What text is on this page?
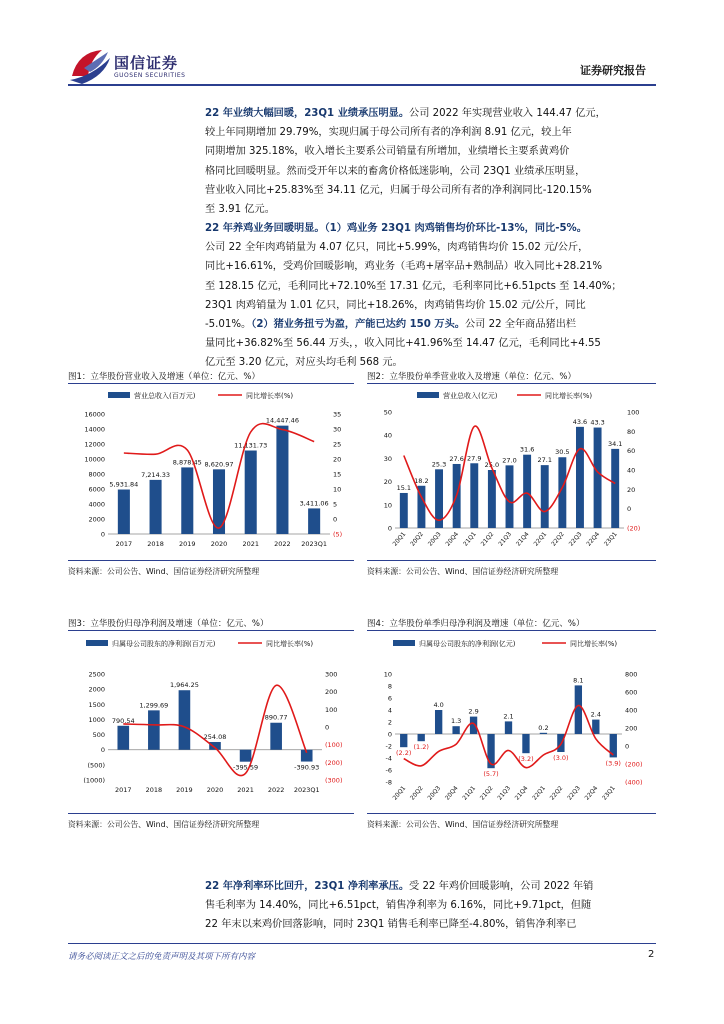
国信证券
GUOSEN SECURITIES	证券研究报告
22 年业绩大幅回暖，23Q1 业绩承压明显。公司 2022 年实现营业收入 144.47 亿元，
较上年同期增加 29.79%，实现归属于母公司所有者的净利润 8.91 亿元，较上年
同期增加 325.18%，收入增长主要系公司销量有所增加，业绩增长主要系黄鸡价
格同比回暖明显。然而受开年以来的畜禽价格低迷影响，公司 23Q1 业绩承压明显，
营业收入同比+25.83%至 34.11 亿元，归属于母公司所有者的净利润同比-120.15%
至 3.91 亿元。
22 年养鸡业务回暖明显。（1）鸡业务 23Q1 肉鸡销售均价环比-13%，同比-5%。
公司 22 全年肉鸡销量为 4.07 亿只，同比+5.99%，肉鸡销售均价 15.02 元/公斤，
同比+16.61%，受鸡价回暖影响，鸡业务（毛鸡+屠宰品+熟制品）收入同比+28.21%
至 128.15 亿元，毛利同比+72.10%至 17.31 亿元，毛利率同比+6.51pcts 至 14.40%；
23Q1 肉鸡销量为 1.01 亿只，同比+18.26%，肉鸡销售均价 15.02 元/公斤，同比
-5.01%。（2）猪业务扭亏为盈，产能已达约 150 万头。公司 22 全年商品猪出栏
量同比+36.82%至 56.44 万头，，收入同比+41.96%至 14.47 亿元，毛利同比+4.55
亿元至 3.20 亿元，对应头均毛利 568 元。
图1：立华股份营业收入及增速（单位：亿元、%）	图2：立华股份单季营业收入及增速（单位：亿元、%）
营业总收入(百万元)	同比增长率(%)
0
2000
4000
6000
8000
10000
12000
14000
16000
(5)
0
5
10
15
20
25
30
35
5,931.84
2017
7,214.33
2018
8,878.45
2019
8,620.97
2020
11,131.73
2021
14,447.46
2022
3,411.06
2023Q1
营业总收入(亿元)	同比增长率(%)
0
10
20
30
40
50
(20)
0
20
40
60
80
100
15.1
20Q1
18.2
20Q2
25.3
20Q3
27.6
20Q4
27.9
21Q1
25.0
21Q2
27.0
21Q3
31.6
21Q4
27.1
22Q1
30.5
22Q2
43.6
22Q3
43.3
22Q4
34.1
23Q1
资料来源：公司公告、Wind、国信证券经济研究所整理	资料来源：公司公告、Wind、国信证券经济研究所整理
图3：立华股份归母净利润及增速（单位：亿元、%）	图4：立华股份单季归母净利润及增速（单位：亿元、%）
归属母公司股东的净利润(百万元)	同比增长率(%)
(1000)
(500)
0
500
1000
1500
2000
2500
(300)
(200)
(100)
0
100
200
300
790.54
2017
1,299.69
2018
1,964.25
2019
254.08
2020
-395.59
2021
890.77
2022
-390.93
2023Q1
归属母公司股东的净利润(亿元)	同比增长率(%)
-8
-6
-4
-2
0
2
4
6
8
10
(400)
(200)
0
200
400
600
800
(2.2)
20Q1
(1.2)
20Q2
4.0
20Q3
1.3
20Q4
2.9
21Q1
(5.7)
21Q2
2.1
21Q3
(3.2)
21Q4
0.2
22Q1
(3.0)
22Q2
8.1
22Q3
2.4
22Q4
(3.9)
23Q1
资料来源：公司公告、Wind、国信证券经济研究所整理	资料来源：公司公告、Wind、国信证券经济研究所整理
22 年净利率环比回升，23Q1 净利率承压。受 22 年鸡价回暖影响，公司 2022 年销
售毛利率为 14.40%，同比+6.51pct，销售净利率为 6.16%，同比+9.71pct，但随
22 年末以来鸡价回落影响，同时 23Q1 销售毛利率已降至-4.80%，销售净利率已
请务必阅读正文之后的免责声明及其项下所有内容	2
